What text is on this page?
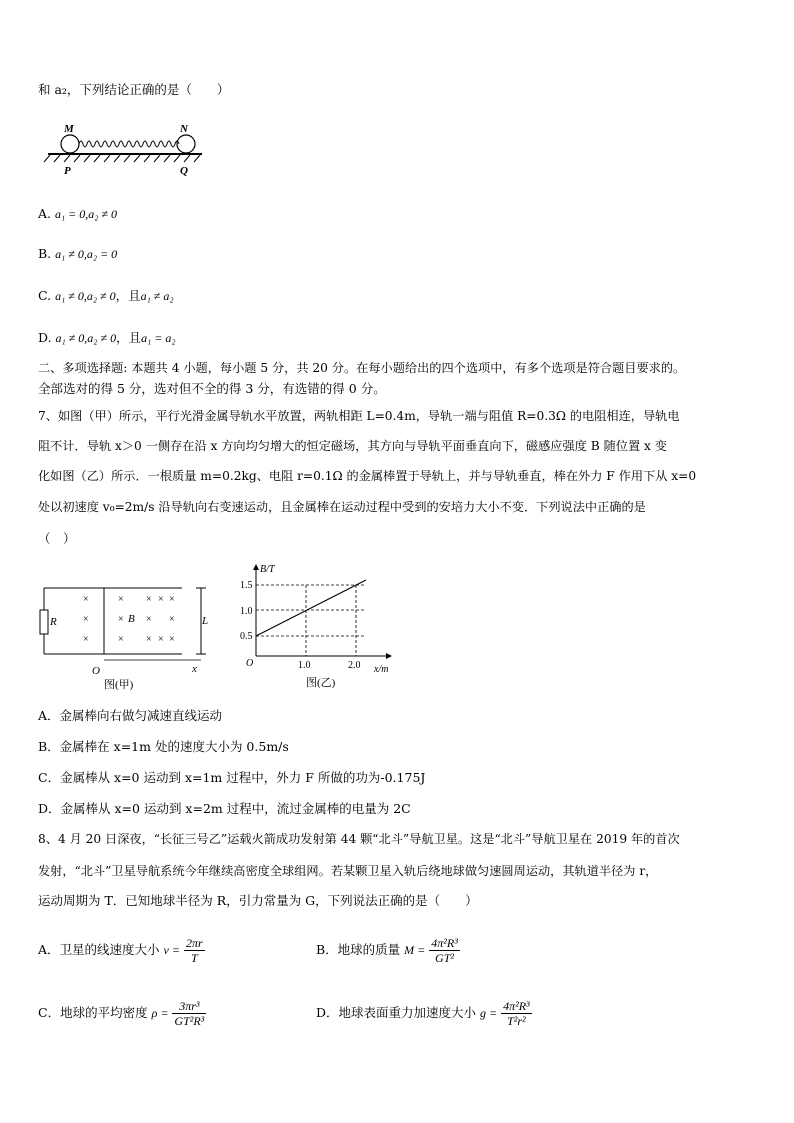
和 a₂，下列结论正确的是（　　）
M	N
P	Q
A. a₁ = 0,a₂ ≠ 0
B. a₁ ≠ 0,a₂ = 0
C. a₁ ≠ 0,a₂ ≠ 0，且a₁ ≠ a₂
D. a₁ ≠ 0,a₂ ≠ 0，且a₁ = a₂
二、多项选择题: 本题共 4 小题，每小题 5 分，共 20 分。在每小题给出的四个选项中，有多个选项是符合题目要求的。
全部选对的得 5 分，选对但不全的得 3 分，有选错的得 0 分。
7、如图（甲）所示，平行光滑金属导轨水平放置，两轨相距 L=0.4m，导轨一端与阻值 R=0.3Ω 的电阻相连，导轨电
阻不计．导轨 x＞0 一侧存在沿 x 方向均匀增大的恒定磁场，其方向与导轨平面垂直向下，磁感应强度 B 随位置 x 变
化如图（乙）所示．一根质量 m=0.2kg、电阻 r=0.1Ω 的金属棒置于导轨上，并与导轨垂直，棒在外力 F 作用下从 x=0
处以初速度 v₀=2m/s 沿导轨向右变速运动，且金属棒在运动过程中受到的安培力大小不变．下列说法中正确的是
（　）
R
×
×
×
× × × ×
× × ×
× × × ×
B	L
O	x
图(甲)
B/T
0.5
1.0
1.5
O	1.0	2.0 x/m
图(乙)
A．金属棒向右做匀减速直线运动
B．金属棒在 x=1m 处的速度大小为 0.5m/s
C．金属棒从 x=0 运动到 x=1m 过程中，外力 F 所做的功为-0.175J
D．金属棒从 x=0 运动到 x=2m 过程中，流过金属棒的电量为 2C
8、4 月 20 日深夜，“长征三号乙”运载火箭成功发射第 44 颗“北斗”导航卫星。这是“北斗”导航卫星在 2019 年的首次
发射，“北斗”卫星导航系统今年继续高密度全球组网。若某颗卫星入轨后绕地球做匀速圆周运动，其轨道半径为 r，
运动周期为 T．已知地球半径为 R，引力常量为 G，下列说法正确的是（　　）
A．卫星的线速度大小 $v = \frac{2\pi r}{T}$	B．地球的质量 $M = \frac{\text{4π²R³}}{\text{GT²}}$
C．地球的平均密度 $\rho = \frac{\text{3πr³}}{\text{GT²R³}}$	D．地球表面重力加速度大小 $g = \frac{\text{4π²R³}}{\text{T²r²}}$
